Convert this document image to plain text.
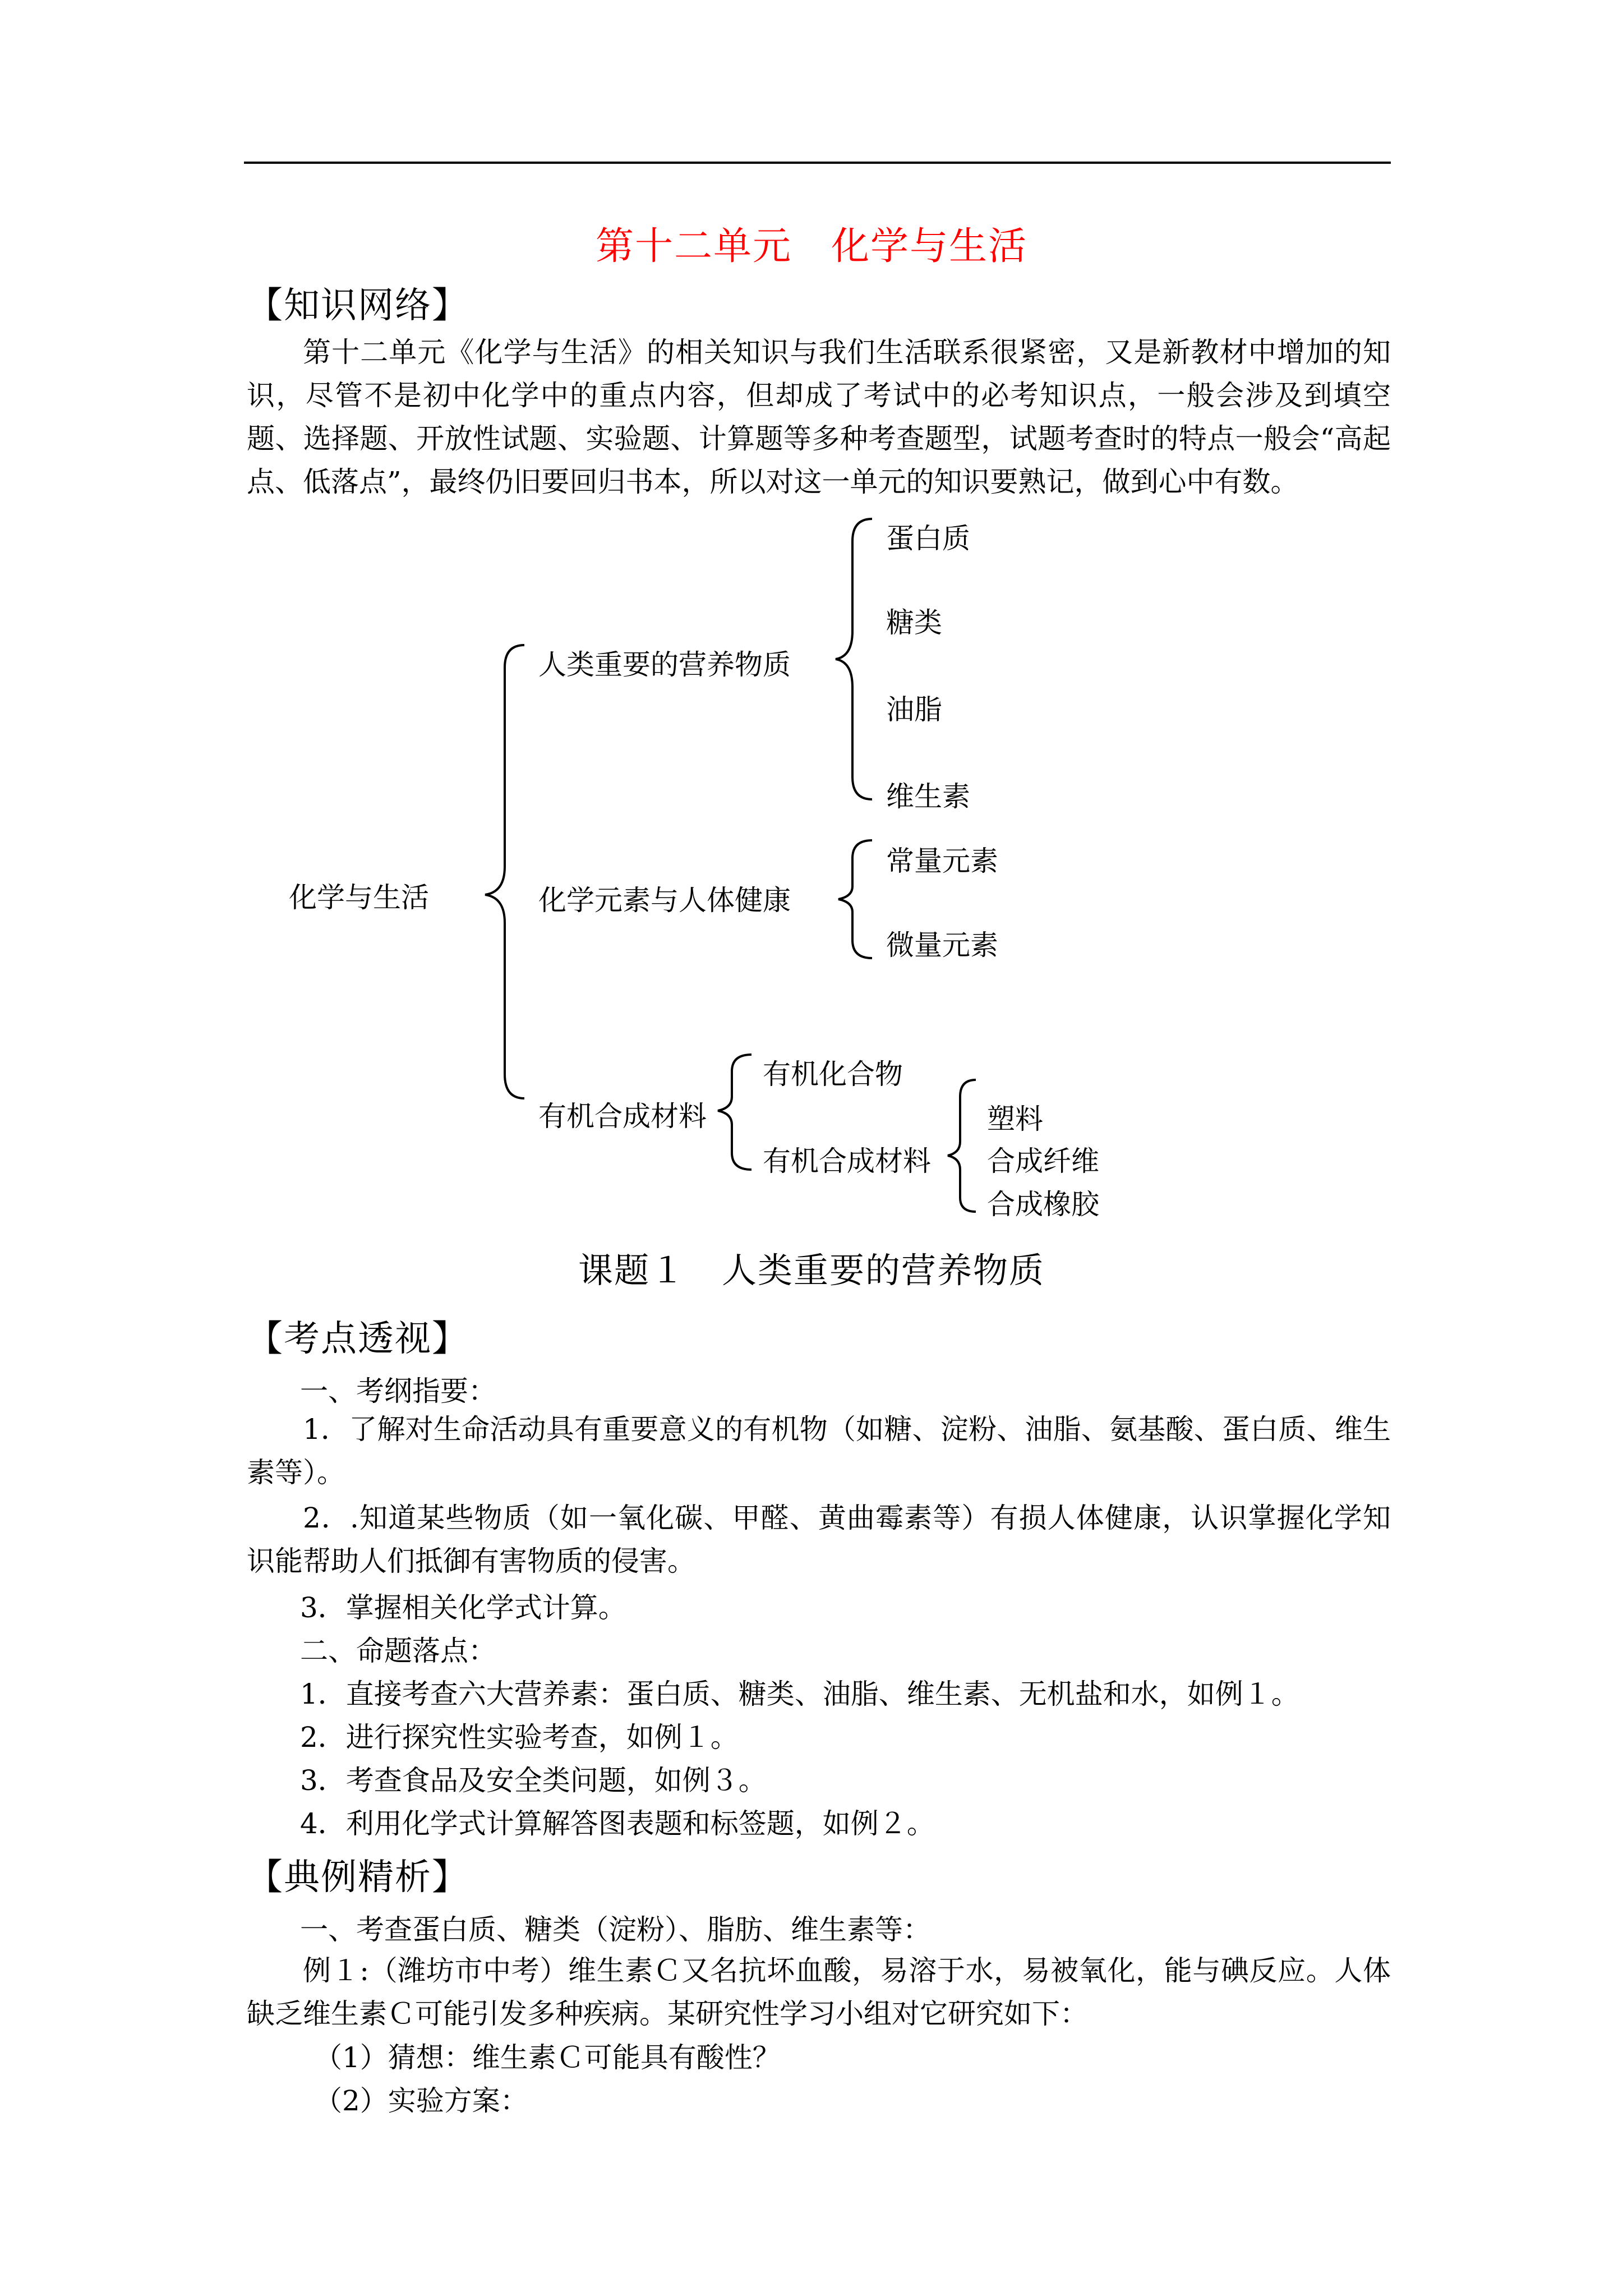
第十二单元　化学与生活
【知识网络】
第十二单元《化学与生活》的相关知识与我们生活联系很紧密，又是新教材中增加的知识，尽管不是初中化学中的重点内容，但却成了考试中的必考知识点，一般会涉及到填空题、选择题、开放性试题、实验题、计算题等多种考查题型，试题考查时的特点一般会“高起点、低落点”，最终仍旧要回归书本，所以对这一单元的知识要熟记，做到心中有数。
化学与生活
人类重要的营养物质
化学元素与人体健康
有机合成材料
蛋白质
糖类
油脂
维生素
常量元素
微量元素
有机化合物
有机合成材料
塑料
合成纤维
合成橡胶
课题１　人类重要的营养物质
【考点透视】
一、考纲指要：
1．了解对生命活动具有重要意义的有机物（如糖、淀粉、油脂、氨基酸、蛋白质、维生素等）。
2．.知道某些物质（如一氧化碳、甲醛、黄曲霉素等）有损人体健康，认识掌握化学知识能帮助人们抵御有害物质的侵害。
3．掌握相关化学式计算。
二、命题落点：
1．直接考查六大营养素：蛋白质、糖类、油脂、维生素、无机盐和水，如例１。
2．进行探究性实验考查，如例１。
3．考查食品及安全类问题，如例３。
4．利用化学式计算解答图表题和标签题，如例２。
【典例精析】
一、考查蛋白质、糖类（淀粉）、脂肪、维生素等：
例１:（潍坊市中考）维生素Ｃ又名抗坏血酸，易溶于水，易被氧化，能与碘反应。人体缺乏维生素Ｃ可能引发多种疾病。某研究性学习小组对它研究如下：
（1）猜想：维生素Ｃ可能具有酸性？
（2）实验方案：
